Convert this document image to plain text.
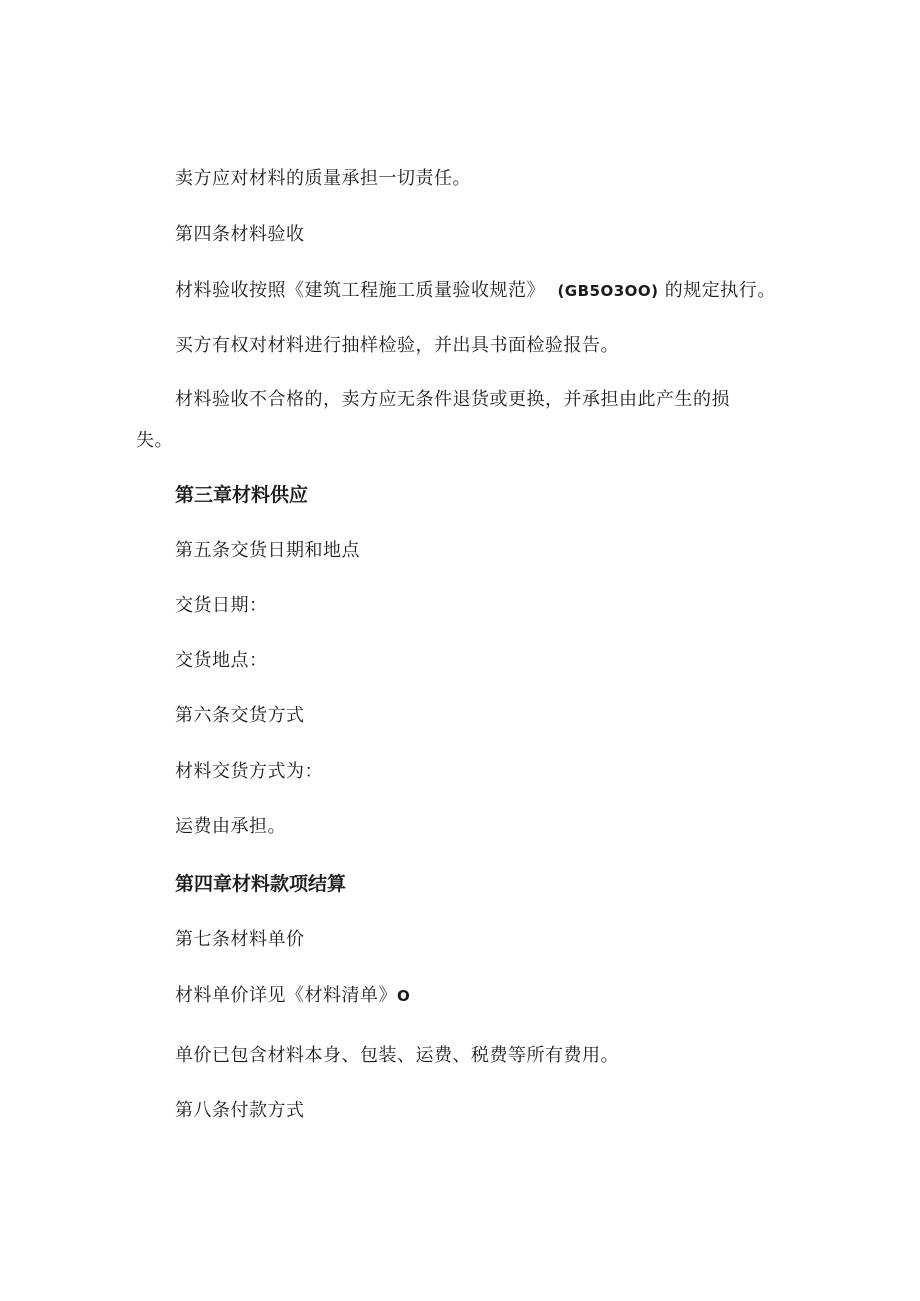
卖方应对材料的质量承担一切责任。

第四条材料验收

材料验收按照《建筑工程施工质量验收规范》 (GB5O3OO) 的规定执行。

买方有权对材料进行抽样检验，并出具书面检验报告。

材料验收不合格的，卖方应无条件退货或更换，并承担由此产生的损

失。

第三章材料供应

第五条交货日期和地点

交货日期：

交货地点：

第六条交货方式

材料交货方式为：

运费由承担。

第四章材料款项结算

第七条材料单价

材料单价详见《材料清单》O

单价已包含材料本身、包装、运费、税费等所有费用。

第八条付款方式
